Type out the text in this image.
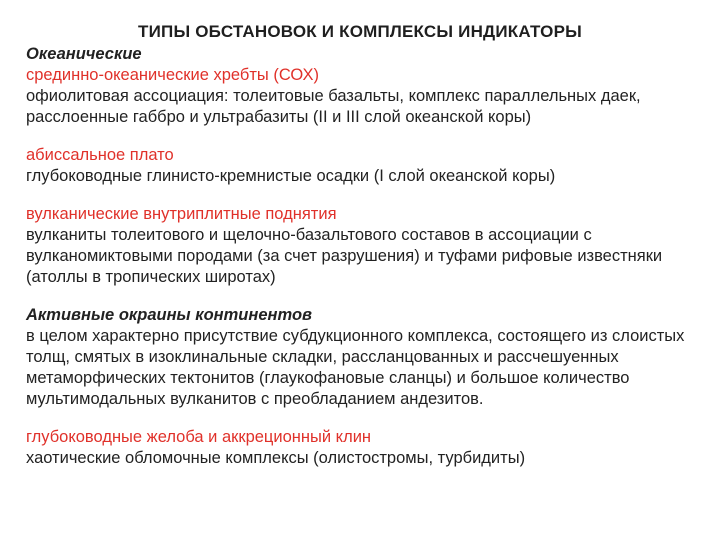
ТИПЫ ОБСТАНОВОК И КОМПЛЕКСЫ ИНДИКАТОРЫ
Океанические
срединно-океанические хребты (СОХ)
офиолитовая ассоциация: толеитовые базальты, комплекс параллельных даек,
расслоенные габбро и ультрабазиты (II и III слой океанской коры)
абиссальное плато
глубоководные глинисто-кремнистые осадки (I слой океанской коры)
вулканические внутриплитные поднятия
вулканиты толеитового и щелочно-базальтового составов в ассоциации с
вулканомиктовыми породами (за счет разрушения) и туфами рифовые известняки
(атоллы в тропических широтах)
Активные окраины континентов
в целом характерно присутствие субдукционного комплекса, состоящего из слоистых
толщ, смятых в изоклинальные складки, рассланцованных и рассчешуенных
метаморфических тектонитов (глаукофановые сланцы) и большое количество
мультимодальных вулканитов с преобладанием андезитов.
глубоководные желоба и аккреционный клин
хаотические обломочные комплексы (олистостромы, турбидиты)
